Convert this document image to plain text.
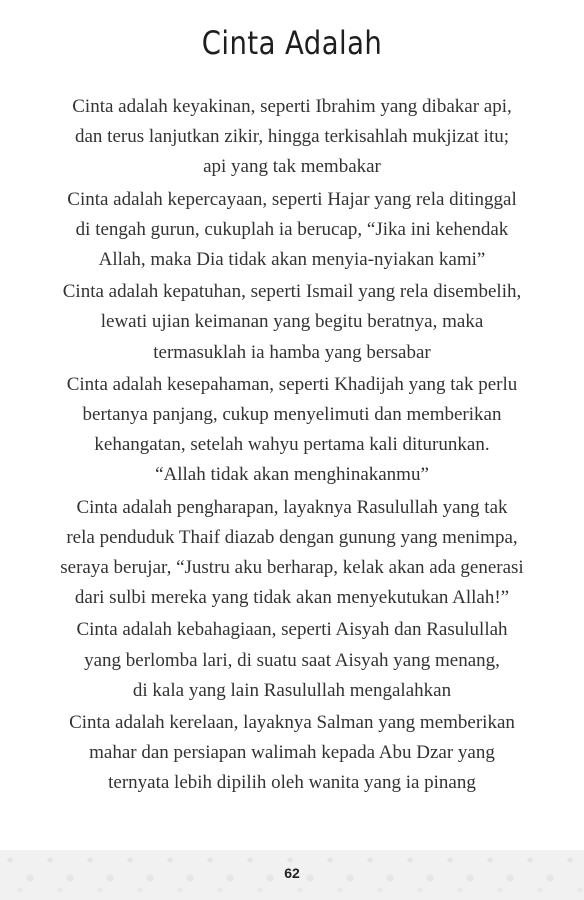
Cinta Adalah
Cinta adalah keyakinan, seperti Ibrahim yang dibakar api,
dan terus lanjutkan zikir, hingga terkisahlah mukjizat itu;
api yang tak membakar
Cinta adalah kepercayaan, seperti Hajar yang rela ditinggal
di tengah gurun, cukuplah ia berucap, “Jika ini kehendak
Allah, maka Dia tidak akan menyia-nyiakan kami”
Cinta adalah kepatuhan, seperti Ismail yang rela disembelih,
lewati ujian keimanan yang begitu beratnya, maka
termasuklah ia hamba yang bersabar
Cinta adalah kesepahaman, seperti Khadijah yang tak perlu
bertanya panjang, cukup menyelimuti dan memberikan
kehangatan, setelah wahyu pertama kali diturunkan.
“Allah tidak akan menghinakanmu”
Cinta adalah pengharapan, layaknya Rasulullah yang tak
rela penduduk Thaif diazab dengan gunung yang menimpa,
seraya berujar, “Justru aku berharap, kelak akan ada generasi
dari sulbi mereka yang tidak akan menyekutukan Allah!”
Cinta adalah kebahagiaan, seperti Aisyah dan Rasulullah
yang berlomba lari, di suatu saat Aisyah yang menang,
di kala yang lain Rasulullah mengalahkan
Cinta adalah kerelaan, layaknya Salman yang memberikan
mahar dan persiapan walimah kepada Abu Dzar yang
ternyata lebih dipilih oleh wanita yang ia pinang
62
